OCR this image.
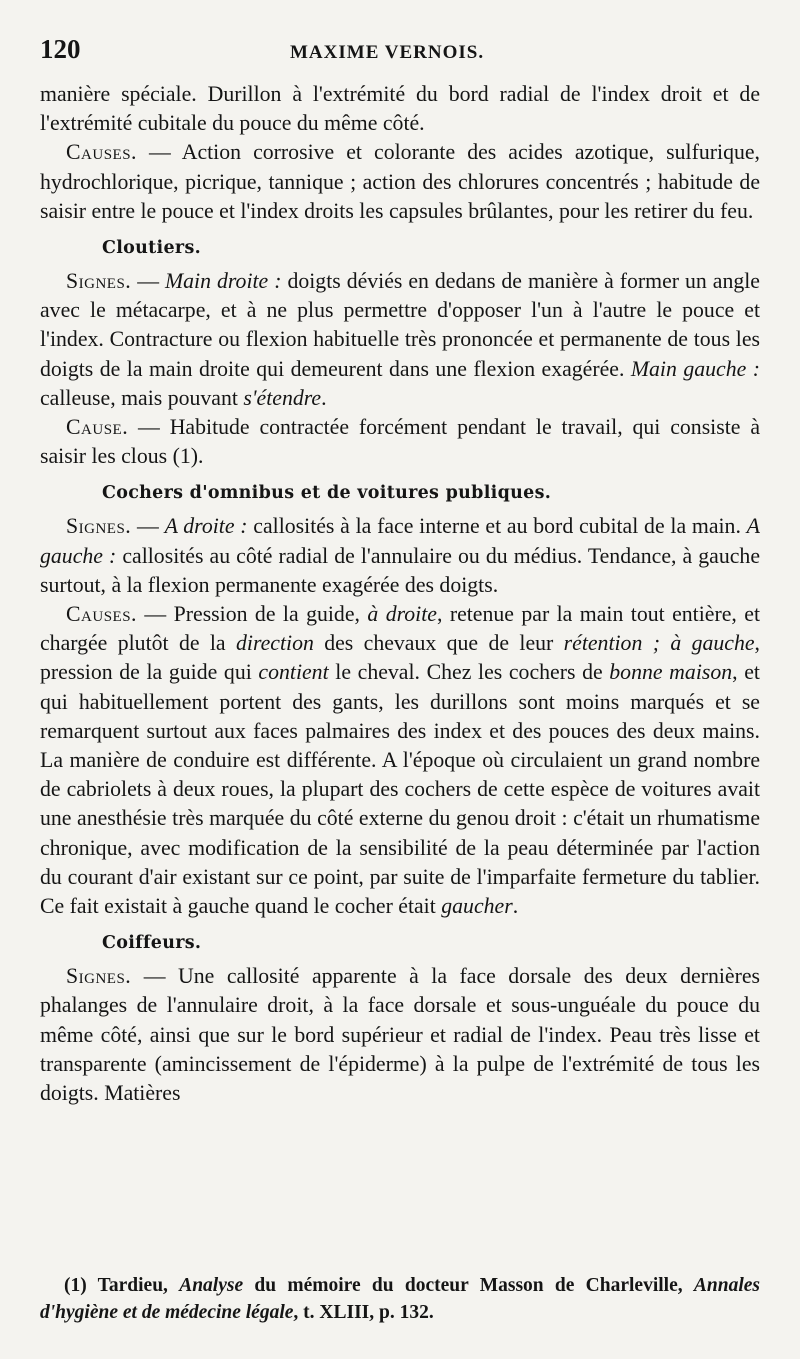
120	MAXIME VERNOIS.

manière spéciale. Durillon à l'extrémité du bord radial de l'index droit et de l'extrémité cubitale du pouce du même côté.

Causes. — Action corrosive et colorante des acides azotique, sulfurique, hydrochlorique, picrique, tannique ; action des chlorures concentrés ; habitude de saisir entre le pouce et l'index droits les capsules brûlantes, pour les retirer du feu.

Cloutiers.

Signes. — Main droite : doigts déviés en dedans de manière à former un angle avec le métacarpe, et à ne plus permettre d'opposer l'un à l'autre le pouce et l'index. Contracture ou flexion habituelle très prononcée et permanente de tous les doigts de la main droite qui demeurent dans une flexion exagérée. Main gauche : calleuse, mais pouvant s'étendre.

Cause. — Habitude contractée forcément pendant le travail, qui consiste à saisir les clous (1).

Cochers d'omnibus et de voitures publiques.

Signes. — A droite : callosités à la face interne et au bord cubital de la main. A gauche : callosités au côté radial de l'annulaire ou du médius. Tendance, à gauche surtout, à la flexion permanente exagérée des doigts.

Causes. — Pression de la guide, à droite, retenue par la main tout entière, et chargée plutôt de la direction des chevaux que de leur rétention ; à gauche, pression de la guide qui contient le cheval. Chez les cochers de bonne maison, et qui habituellement portent des gants, les durillons sont moins marqués et se remarquent surtout aux faces palmaires des index et des pouces des deux mains. La manière de conduire est différente. A l'époque où circulaient un grand nombre de cabriolets à deux roues, la plupart des cochers de cette espèce de voitures avait une anesthésie très marquée du côté externe du genou droit : c'était un rhumatisme chronique, avec modification de la sensibilité de la peau déterminée par l'action du courant d'air existant sur ce point, par suite de l'imparfaite fermeture du tablier. Ce fait existait à gauche quand le cocher était gaucher.

Coiffeurs.

Signes. — Une callosité apparente à la face dorsale des deux dernières phalanges de l'annulaire droit, à la face dorsale et sous-unguéale du pouce du même côté, ainsi que sur le bord supérieur et radial de l'index. Peau très lisse et transparente (amincissement de l'épiderme) à la pulpe de l'extrémité de tous les doigts. Matières

(1) Tardieu, Analyse du mémoire du docteur Masson de Charleville, Annales d'hygiène et de médecine légale, t. XLIII, p. 132.
